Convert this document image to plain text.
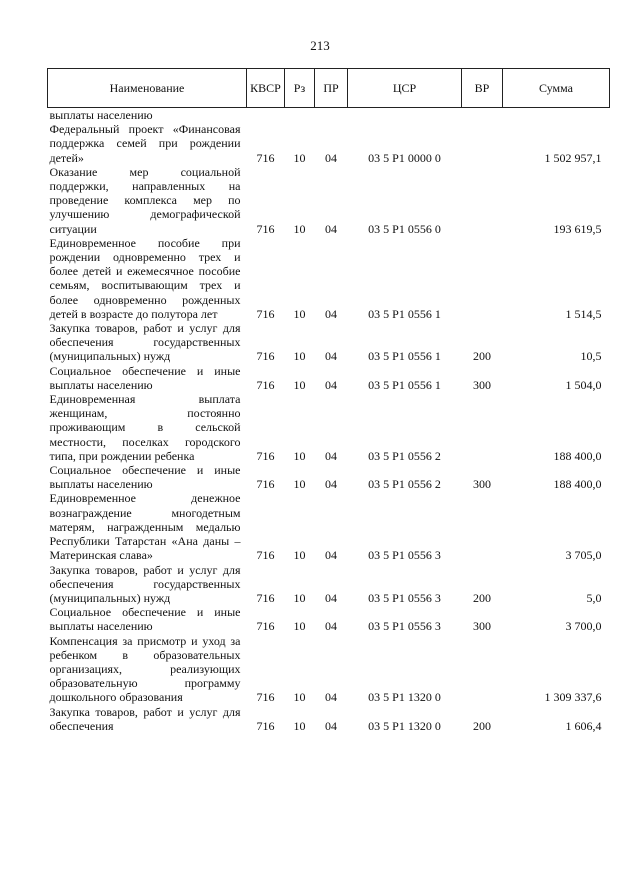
213
Наименование	КВСР	Рз	ПР	ЦСР	ВР	Сумма
выплаты населению						
Федеральный проект «Финансовая поддержка семей при рождении детей»	716	10	04	03 5 Р1 0000 0		1 502 957,1
Оказание мер социальной поддержки, направленных на проведение комплекса мер по улучшению демографической ситуации	716	10	04	03 5 Р1 0556 0		193 619,5
Единовременное пособие при рождении одновременно трех и более детей и ежемесячное пособие семьям, воспитывающим трех и более одновременно рожденных детей в возрасте до полутора лет	716	10	04	03 5 Р1 0556 1		1 514,5
Закупка товаров, работ и услуг для обеспечения государственных (муниципальных) нужд	716	10	04	03 5 Р1 0556 1	200	10,5
Социальное обеспечение и иные выплаты населению	716	10	04	03 5 Р1 0556 1	300	1 504,0
Единовременная выплата женщинам, постоянно проживающим в сельской местности, поселках городского типа, при рождении ребенка	716	10	04	03 5 Р1 0556 2		188 400,0
Социальное обеспечение и иные выплаты населению	716	10	04	03 5 Р1 0556 2	300	188 400,0
Единовременное денежное вознаграждение многодетным матерям, награжденным медалью Республики Татарстан «Ана даны – Материнская слава»	716	10	04	03 5 Р1 0556 3		3 705,0
Закупка товаров, работ и услуг для обеспечения государственных (муниципальных) нужд	716	10	04	03 5 Р1 0556 3	200	5,0
Социальное обеспечение и иные выплаты населению	716	10	04	03 5 Р1 0556 3	300	3 700,0
Компенсация за присмотр и уход за ребенком в образовательных организациях, реализующих образовательную программу дошкольного образования	716	10	04	03 5 Р1 1320 0		1 309 337,6
Закупка товаров, работ и услуг для обеспечения	716	10	04	03 5 Р1 1320 0	200	1 606,4
